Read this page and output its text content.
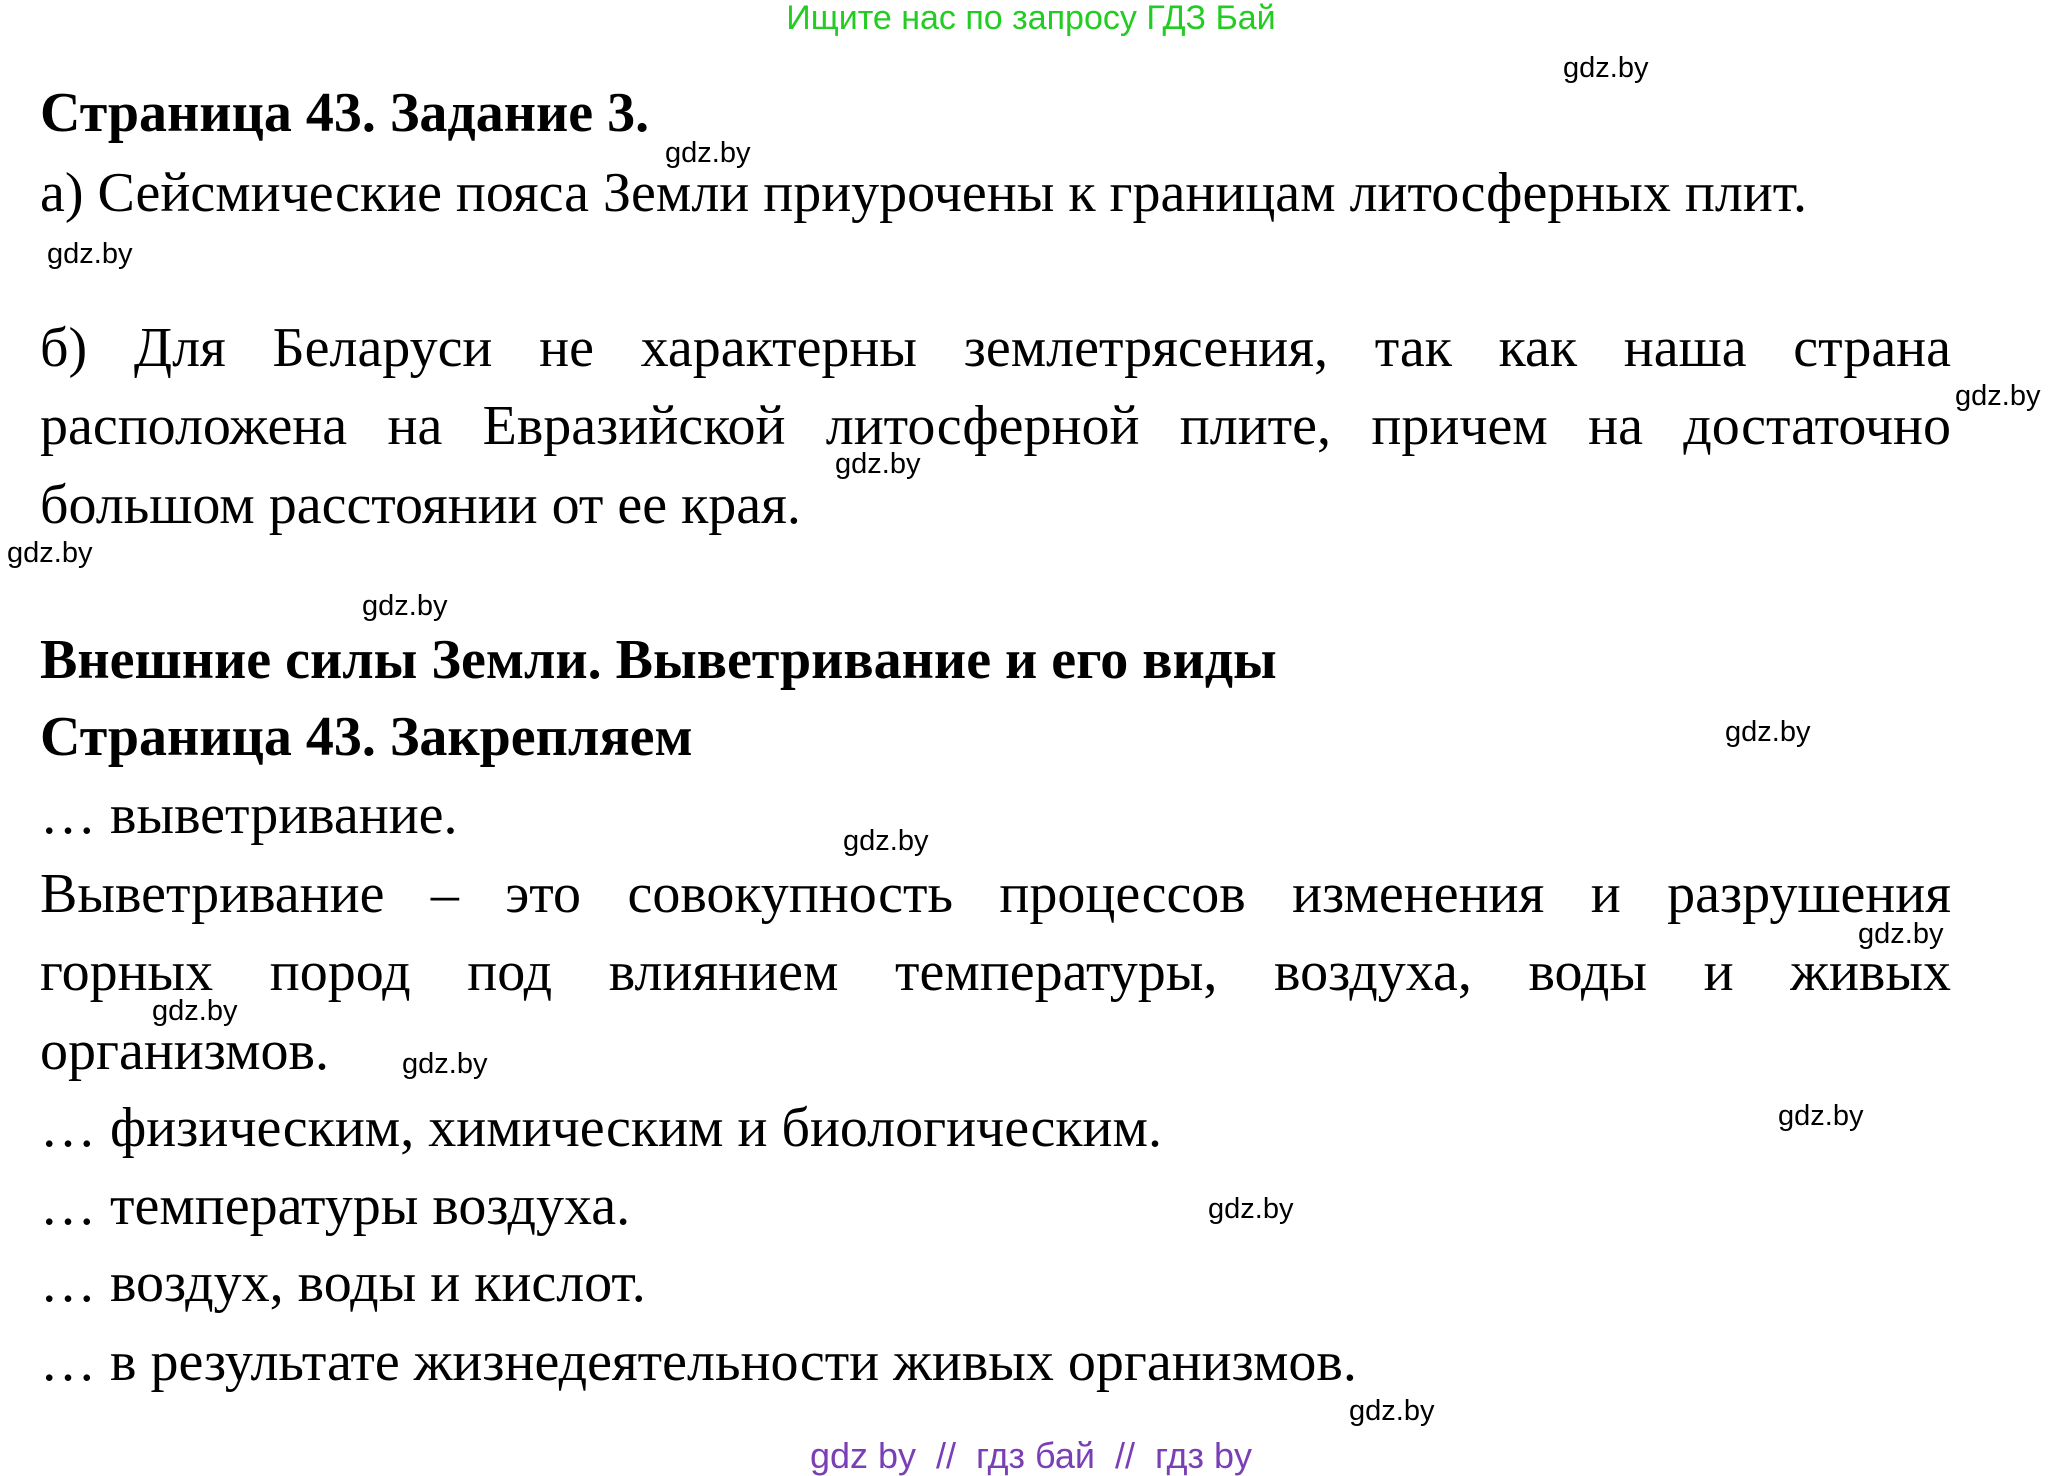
Ищите нас по запросу ГДЗ Бай
Страница 43. Задание 3.
а) Сейсмические пояса Земли приурочены к границам литосферных плит.
б) Для Беларуси не характерны землетрясения, так как наша страна
расположена на Евразийской литосферной плите, причем на достаточно
большом расстоянии от ее края.
Внешние силы Земли. Выветривание и его виды
Страница 43. Закрепляем
… выветривание.
Выветривание – это совокупность процессов изменения и разрушения
горных пород под влиянием температуры, воздуха, воды и живых
организмов.
… физическим, химическим и биологическим.
… температуры воздуха.
… воздух, воды и кислот.
… в результате жизнедеятельности живых организмов.
gdz.by
gdz.by
gdz.by
gdz.by
gdz.by
gdz.by
gdz.by
gdz.by
gdz.by
gdz.by
gdz.by
gdz.by
gdz.by
gdz.by
gdz.by
gdz by  //  гдз бай  //  гдз by
